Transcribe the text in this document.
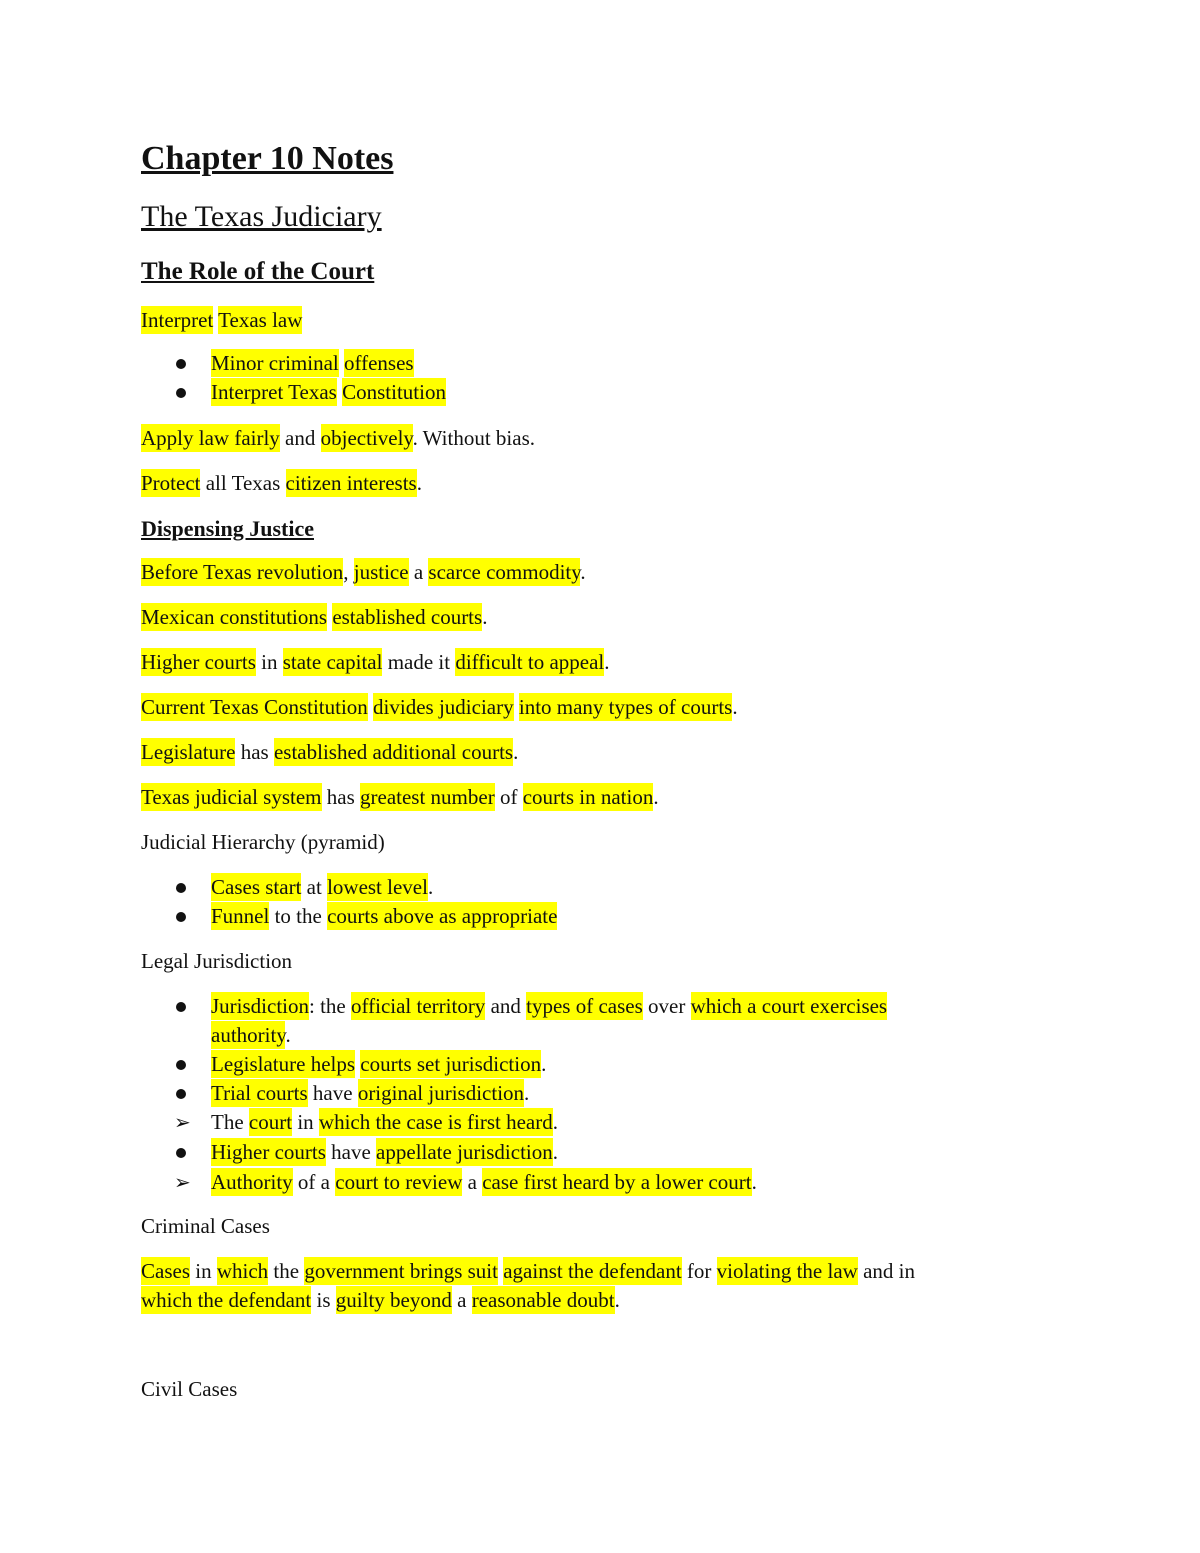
Chapter 10 Notes
The Texas Judiciary
The Role of the Court
Dispensing Justice
Interpret Texas law
Minor criminal offenses
Interpret Texas Constitution
Apply law fairly and objectively. Without bias.
Protect all Texas citizen interests.
Before Texas revolution, justice a scarce commodity.
Mexican constitutions established courts.
Higher courts in state capital made it difficult to appeal.
Current Texas Constitution divides judiciary into many types of courts.
Legislature has established additional courts.
Texas judicial system has greatest number of courts in nation.
Judicial Hierarchy (pyramid)
Cases start at lowest level.
Funnel to the courts above as appropriate
Legal Jurisdiction
Jurisdiction: the official territory and types of cases over which a court exercises
authority.
Legislature helps courts set jurisdiction.
Trial courts have original jurisdiction.
➢ The court in which the case is first heard.
Higher courts have appellate jurisdiction.
➢ Authority of a court to review a case first heard by a lower court.
Criminal Cases
Cases in which the government brings suit against the defendant for violating the law and in
which the defendant is guilty beyond a reasonable doubt.
Civil Cases
